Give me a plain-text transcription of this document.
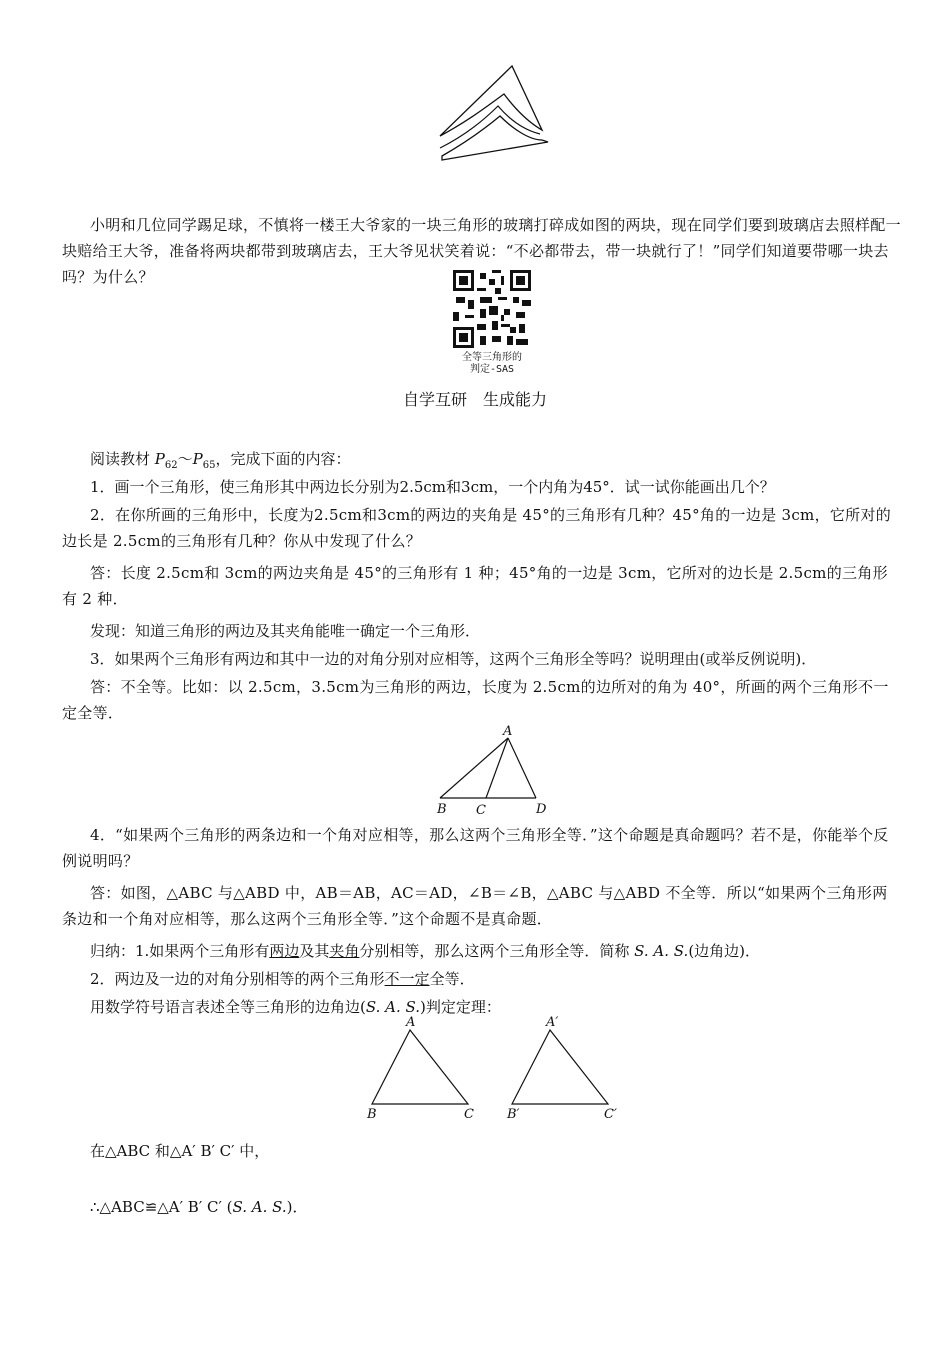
小明和几位同学踢足球，不慎将一楼王大爷家的一块三角形的玻璃打碎成如图的两块，现在同学们要到玻璃店去照样配一块赔给王大爷，准备将两块都带到玻璃店去，王大爷见状笑着说：“不必都带去，带一块就行了！”同学们知道要带哪一块去吗？为什么？
全等三角形的
判定-SAS
自学互研　生成能力
阅读教材 $P_{62}\sim P_{65}$，完成下面的内容：
1．画一个三角形，使三角形其中两边长分别为2.5cm和3cm，一个内角为45°．试一试你能画出几个？
2．在你所画的三角形中，长度为2.5cm和3cm的两边的夹角是 45°的三角形有几种？45°角的一边是 3cm，它所对的边长是 2.5cm的三角形有几种？你从中发现了什么？
答：长度 2.5cm和 3cm的两边夹角是 45°的三角形有 1 种；45°角的一边是 3cm，它所对的边长是 2.5cm的三角形有 2 种．
发现：知道三角形的两边及其夹角能唯一确定一个三角形．
3．如果两个三角形有两边和其中一边的对角分别对应相等，这两个三角形全等吗？说明理由(或举反例说明)．
答：不全等。比如：以 2.5cm，3.5cm为三角形的两边，长度为 2.5cm的边所对的角为 40°，所画的两个三角形不一定全等．
A
B C	D
4．“如果两个三角形的两条边和一个角对应相等，那么这两个三角形全等．”这个命题是真命题吗？若不是，你能举个反例说明吗？
答：如图，△ABC 与△ABD 中，AB＝AB，AC＝AD，∠B＝∠B，△ABC 与△ABD 不全等．所以“如果两个三角形两条边和一个角对应相等，那么这两个三角形全等．”这个命题不是真命题．
归纳：1.如果两个三角形有两边及其夹角分别相等，那么这两个三角形全等．简称 S. A. S.(边角边)．
2．两边及一边的对角分别相等的两个三角形不一定全等．
用数学符号语言表述全等三角形的边角边(S. A. S.)判定定理：
A
B	C
A′
B′	C′
在△ABC 和△A′ B′ C′ 中，
∴△ABC≌△A′ B′ C′ (S. A. S.)．
